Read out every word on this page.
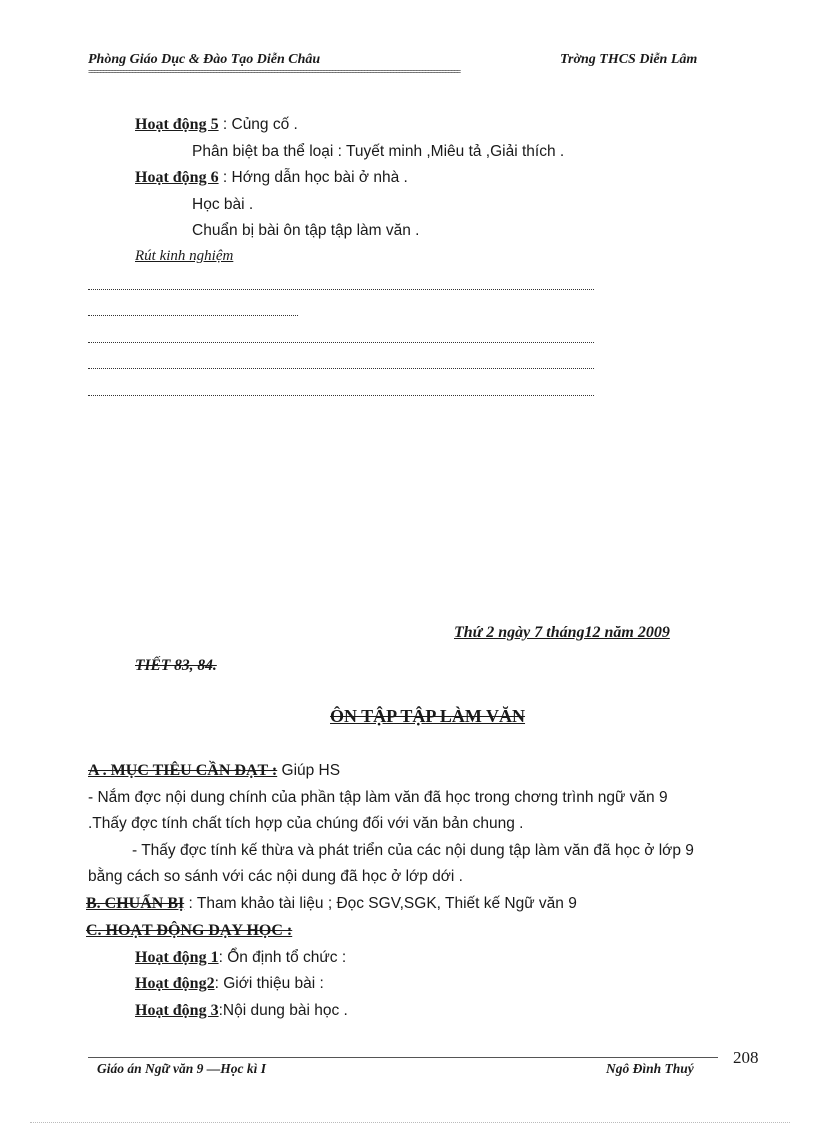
Phòng Giáo Dục & Đào Tạo Diễn Châu	Trờng THCS Diễn Lâm
================================================================================================================================
Hoạt động 5 : Củng cố .
Phân biệt ba thể loại : Tuyết minh ,Miêu tả ,Giải thích .
Hoạt động 6 : Hớng dẫn học bài ở nhà .
Học bài .
Chuẩn bị bài ôn tập tập làm văn .
Rút kinh nghiệm
Thứ 2 ngày 7 tháng12 năm 2009
TIẾT 83, 84.
ÔN TẬP TẬP LÀM VĂN
A . MỤC TIÊU CẦN ĐẠT : Giúp HS
- Nắm đợc nội dung chính của phần tập làm văn đã học trong chơng trình ngữ văn 9
.Thấy đợc tính chất tích hợp của chúng đối với văn bản chung .
- Thấy đợc tính kế thừa và phát triển của các nội dung tập làm văn đã học ở lớp 9
bằng cách so sánh với các nội dung đã học ở lớp dới .
B. CHUẨN BỊ : Tham khảo tài liệu ; Đọc SGV,SGK, Thiết kế Ngữ văn 9
C. HOẠT ĐỘNG DẠY HỌC :
Hoạt động 1: Ổn định tổ chức :
Hoạt động2: Giới thiệu bài :
Hoạt động 3:Nội dung bài học .
Giáo án Ngữ văn 9 —Học kì I	Ngô Đình Thuý
208
